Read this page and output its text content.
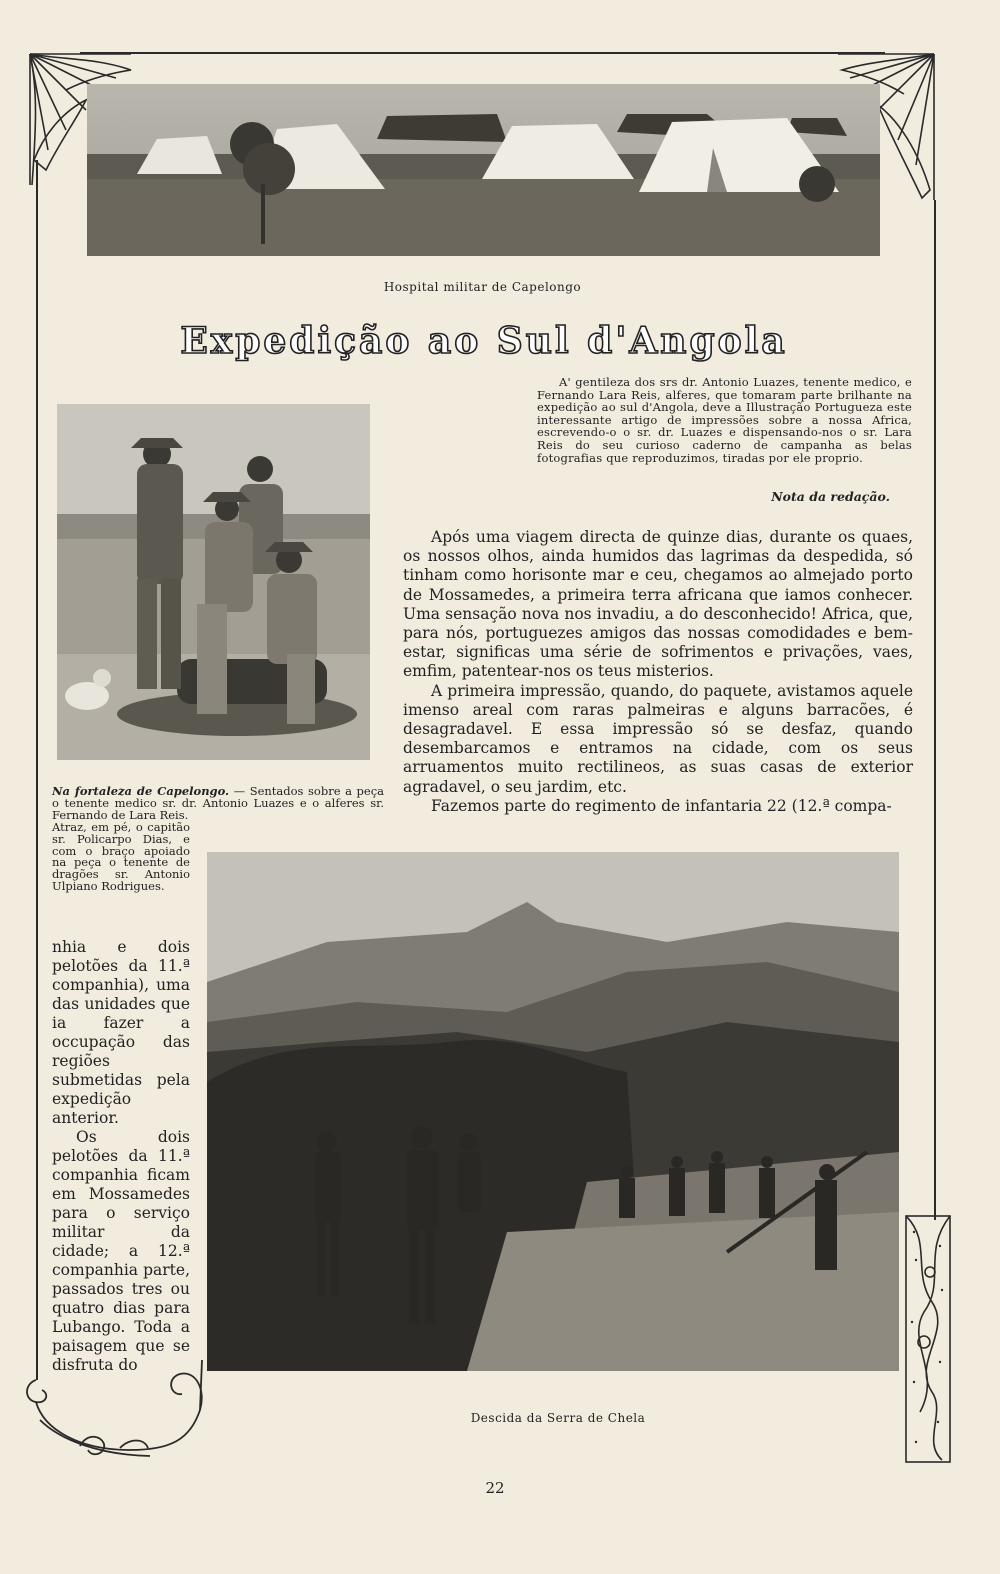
Hospital militar de Capelongo
Expedição ao Sul d'Angola
A' gentileza dos srs dr. Antonio Luazes, tenente medico, e Fernando Lara Reis, alferes, que tomaram parte brilhante na expedição ao sul d'Angola, deve a Illustração Portugueza este interessante artigo de impressões sobre a nossa Africa, escrevendo-o o sr. dr. Luazes e dispensando-nos o sr. Lara Reis do seu curioso caderno de campanha as belas fotografias que reproduzimos, tiradas por ele proprio.
Nota da redação.
Na fortaleza de Capelongo. — Sentados sobre a peça o tenente medico sr. dr. Antonio Luazes e o alferes sr. Fernando de Lara Reis.
Atraz, em pé, o capitão sr. Policarpo Dias, e com o braço apoiado na peça o tenente de dragões sr. Antonio Ulpiano Rodrigues.

Após uma viagem directa de quinze dias, durante os quaes, os nossos olhos, ainda humidos das lagrimas da despedida, só tinham como horisonte mar e ceu, chegamos ao almejado porto de Mossamedes, a primeira terra africana que iamos conhecer. Uma sensação nova nos invadiu, a do desconhecido! Africa, que, para nós, portuguezes amigos das nossas comodidades e bem-estar, significas uma série de sofrimentos e privações, vaes, emfim, patentear-nos os teus misterios.

A primeira impressão, quando, do paquete, avistamos aquele imenso areal com raras palmeiras e alguns barracões, é desagradavel. E essa impressão só se desfaz, quando desembarcamos e entramos na cidade, com os seus arruamentos muito rectilineos, as suas casas de exterior agradavel, o seu jardim, etc.

Fazemos parte do regimento de infantaria 22 (12.ª compa-

nhia e dois pelotões da 11.ª companhia), uma das unidades que ia fazer a occupação das regiões submetidas pela expedição anterior.

Os dois pelotões da 11.ª companhia ficam em Mossamedes para o serviço militar da cidade; a 12.ª companhia parte, passados tres ou quatro dias para Lubango. Toda a paisagem que se disfruta do

Descida da Serra de Chela
22
